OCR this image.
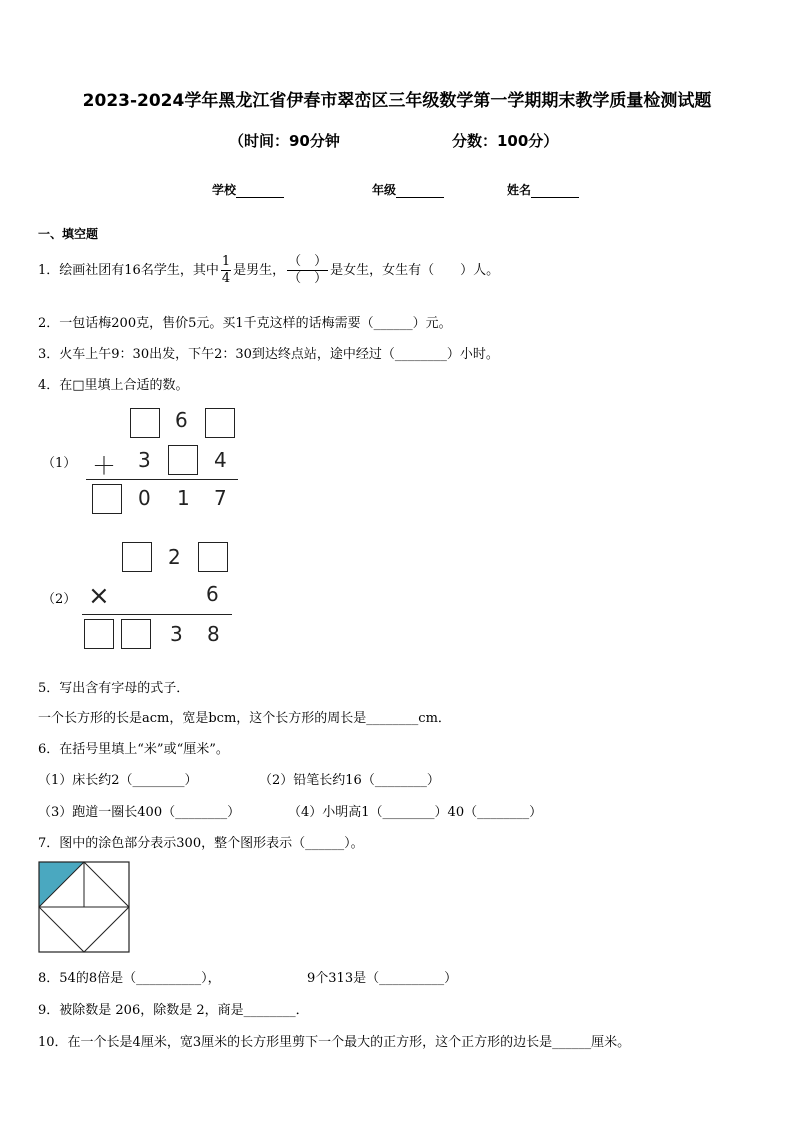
2023-2024学年黑龙江省伊春市翠峦区三年级数学第一学期期末教学质量检测试题
（时间：90分钟	分数：100分）
学校	年级	姓名
一、填空题
1．绘画社团有16名学生，其中 $\frac{1}{4}$ 是男生， $\frac{( )}{( )}$ 是女生，女生有（　　）人。
2．一包话梅200克，售价5元。买1千克这样的话梅需要（______）元。
3．火车上午9：30出发，下午2：30到达终点站，途中经过（________）小时。
4．在□里填上合适的数。
（1）
6
＋ 3	4
0 1 7
（2）
2
×	6
3 8
5．写出含有字母的式子．
一个长方形的长是acm，宽是bcm，这个长方形的周长是________cm．
6．在括号里填上“米”或“厘米”。
（1）床长约2（________）	（2）铅笔长约16（________）
（3）跑道一圈长400（________）	（4）小明高1（________）40（________）
7．图中的涂色部分表示300，整个图形表示（______）。
8．54的8倍是（__________），	9个313是（__________）
9．被除数是 206，除数是 2，商是________．
10．在一个长是4厘米，宽3厘米的长方形里剪下一个最大的正方形，这个正方形的边长是______厘米。
